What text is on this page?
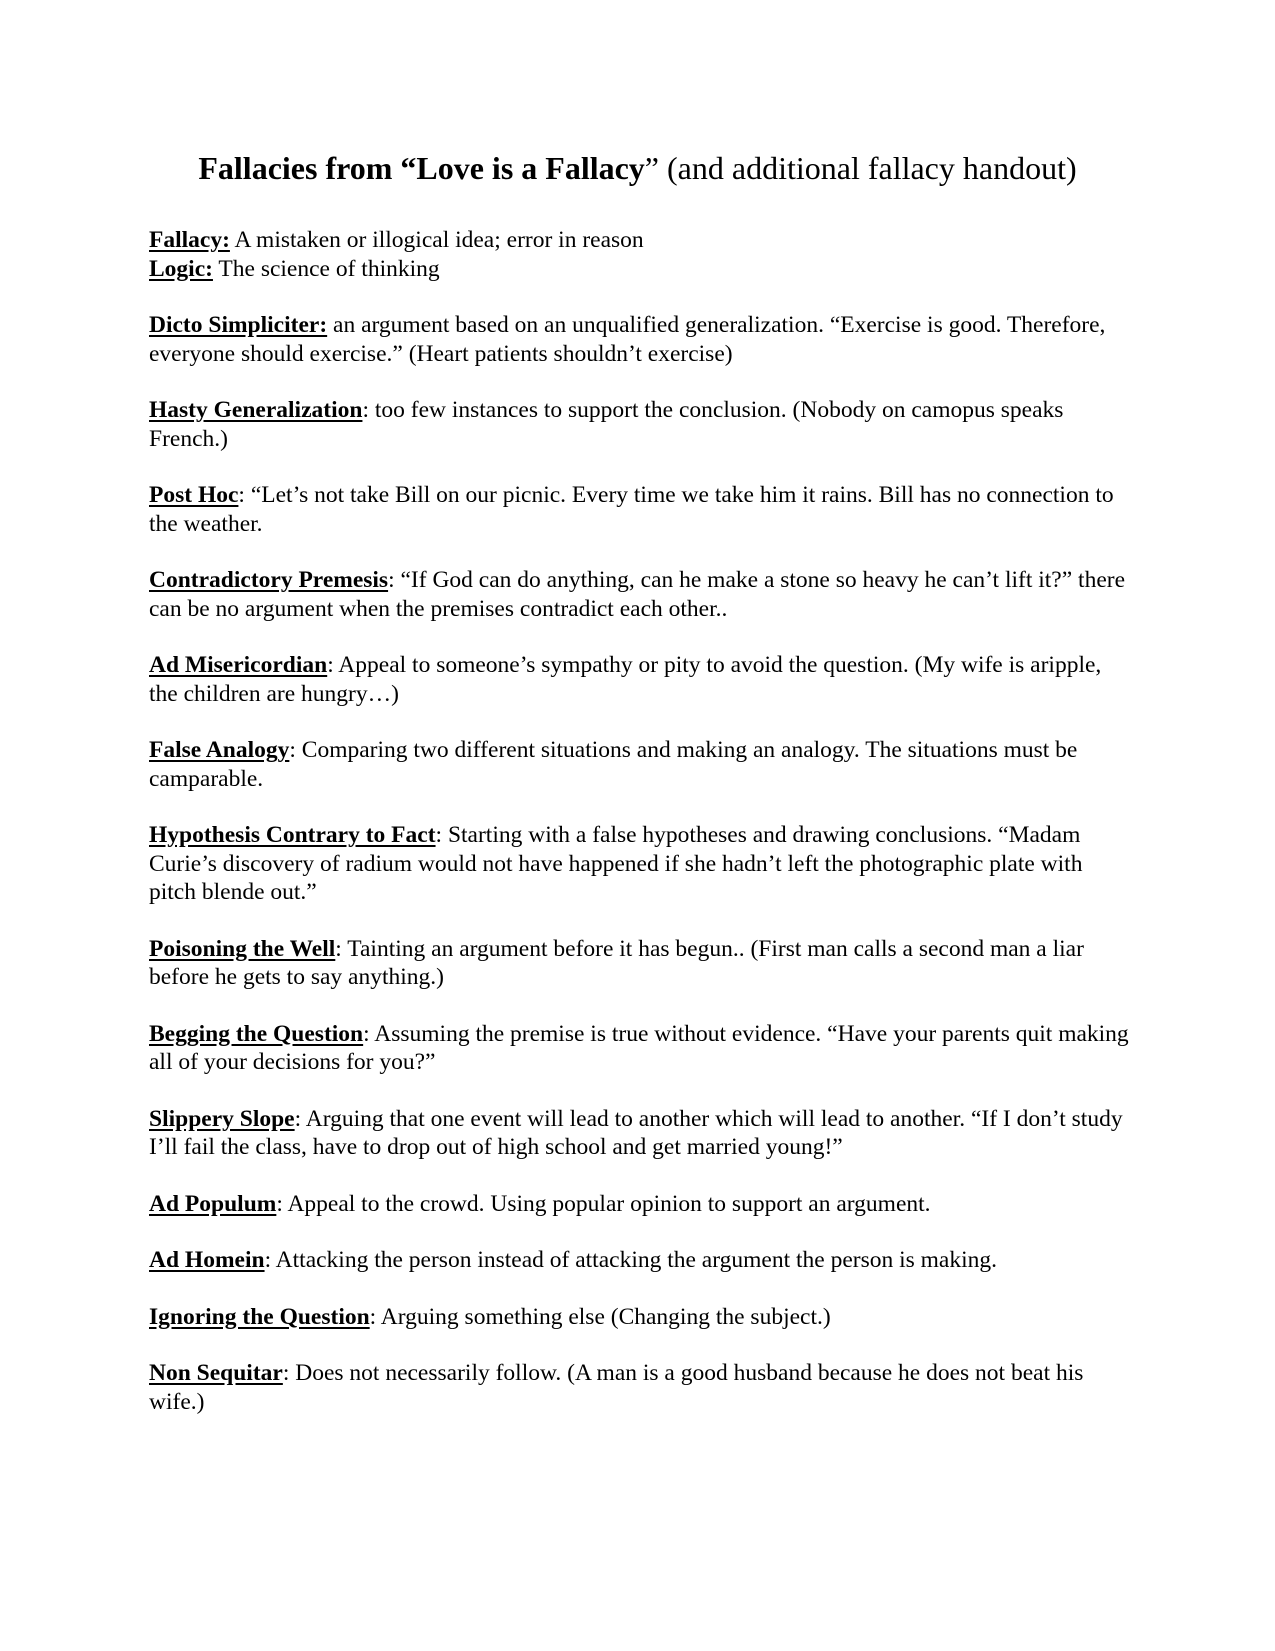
Fallacies from “Love is a Fallacy” (and additional fallacy handout)

Fallacy: A mistaken or illogical idea; error in reason

Logic: The science of thinking

Dicto Simpliciter: an argument based on an unqualified generalization. “Exercise is good. Therefore, everyone should exercise.” (Heart patients shouldn’t exercise)

Hasty Generalization: too few instances to support the conclusion. (Nobody on camopus speaks French.)

Post Hoc: “Let’s not take Bill on our picnic. Every time we take him it rains. Bill has no connection to the weather.

Contradictory Premesis: “If God can do anything, can he make a stone so heavy he can’t lift it?” there can be no argument when the premises contradict each other..

Ad Misericordian: Appeal to someone’s sympathy or pity to avoid the question. (My wife is aripple, the children are hungry…)

False Analogy: Comparing two different situations and making an analogy. The situations must be camparable.

Hypothesis Contrary to Fact: Starting with a false hypotheses and drawing conclusions. “Madam Curie’s discovery of radium would not have happened if she hadn’t left the photographic plate with pitch blende out.”

Poisoning the Well: Tainting an argument before it has begun.. (First man calls a second man a liar before he gets to say anything.)

Begging the Question: Assuming the premise is true without evidence. “Have your parents quit making all of your decisions for you?”

Slippery Slope: Arguing that one event will lead to another which will lead to another. “If I don’t study I’ll fail the class, have to drop out of high school and get married young!”

Ad Populum: Appeal to the crowd. Using popular opinion to support an argument.

Ad Homein: Attacking the person instead of attacking the argument the person is making.

Ignoring the Question: Arguing something else (Changing the subject.)

Non Sequitar: Does not necessarily follow. (A man is a good husband because he does not beat his wife.)
